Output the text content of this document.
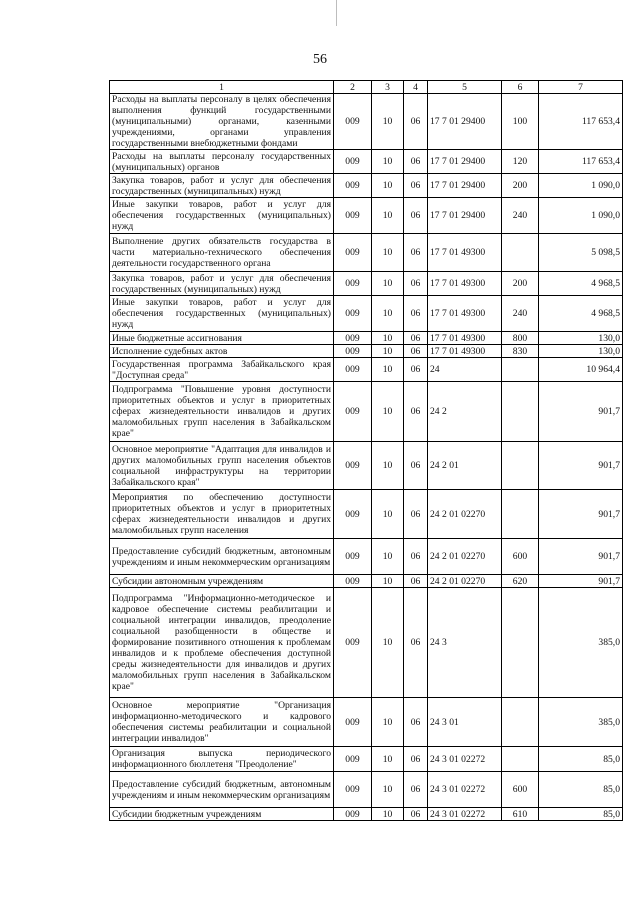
56
1	2	3	4	5	6	7
Расходы на выплаты персоналу в целях обеспечения выполнения функций государственными (муниципальными) органами, казенными учреждениями, органами управления государственными внебюджетными фондами	009	10	06	17 7 01 29400	100	117 653,4
Расходы на выплаты персоналу государственных (муниципальных) органов	009	10	06	17 7 01 29400	120	117 653,4
Закупка товаров, работ и услуг для обеспечения государственных (муниципальных) нужд	009	10	06	17 7 01 29400	200	1 090,0
Иные закупки товаров, работ и услуг для обеспечения государственных (муниципальных) нужд	009	10	06	17 7 01 29400	240	1 090,0
Выполнение других обязательств государства в части материально-технического обеспечения деятельности государственного органа	009	10	06	17 7 01 49300		5 098,5
Закупка товаров, работ и услуг для обеспечения государственных (муниципальных) нужд	009	10	06	17 7 01 49300	200	4 968,5
Иные закупки товаров, работ и услуг для обеспечения государственных (муниципальных) нужд	009	10	06	17 7 01 49300	240	4 968,5
Иные бюджетные ассигнования	009	10	06	17 7 01 49300	800	130,0
Исполнение судебных актов	009	10	06	17 7 01 49300	830	130,0
Государственная программа Забайкальского края "Доступная среда"	009	10	06	24		10 964,4
Подпрограмма "Повышение уровня доступности приоритетных объектов и услуг в приоритетных сферах жизнедеятельности инвалидов и других маломобильных групп населения в Забайкальском крае"	009	10	06	24 2		901,7
Основное мероприятие "Адаптация для инвалидов и других маломобильных групп населения объектов социальной инфраструктуры на территории Забайкальского края"	009	10	06	24 2 01		901,7
Мероприятия по обеспечению доступности приоритетных объектов и услуг в приоритетных сферах жизнедеятельности инвалидов и других маломобильных групп населения	009	10	06	24 2 01 02270		901,7
Предоставление субсидий бюджетным, автономным учреждениям и иным некоммерческим организациям	009	10	06	24 2 01 02270	600	901,7
Субсидии автономным учреждениям	009	10	06	24 2 01 02270	620	901,7
Подпрограмма "Информационно-методическое и кадровое обеспечение системы реабилитации и социальной интеграции инвалидов, преодоление социальной разобщенности в обществе и формирование позитивного отношения к проблемам инвалидов и к проблеме обеспечения доступной среды жизнедеятельности для инвалидов и других маломобильных групп населения в Забайкальском крае"	009	10	06	24 3		385,0
Основное мероприятие "Организация информационно-методического и кадрового обеспечения системы реабилитации и социальной интеграции инвалидов"	009	10	06	24 3 01		385,0
Организация выпуска периодического информационного бюллетеня "Преодоление"	009	10	06	24 3 01 02272		85,0
Предоставление субсидий бюджетным, автономным учреждениям и иным некоммерческим организациям	009	10	06	24 3 01 02272	600	85,0
Субсидии бюджетным учреждениям	009	10	06	24 3 01 02272	610	85,0
